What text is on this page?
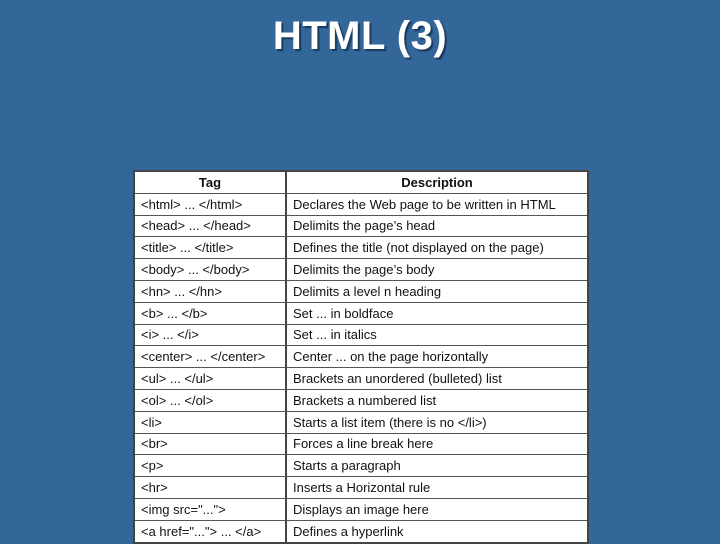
HTML (3)
Tag	Description
<html> ... </html>	Declares the Web page to be written in HTML
<head> ... </head>	Delimits the page’s head
<title> ... </title>	Defines the title (not displayed on the page)
<body> ... </body>	Delimits the page’s body
<hn> ... </hn>	Delimits a level n heading
<b> ... </b>	Set ... in boldface
<i> ... </i>	Set ... in italics
<center> ... </center>	Center ... on the page horizontally
<ul> ... </ul>	Brackets an unordered (bulleted) list
<ol> ... </ol>	Brackets a numbered list
<li>	Starts a list item (there is no </li>)
<br>	Forces a line break here
<p>	Starts a paragraph
<hr>	Inserts a Horizontal rule
<img src="...">	Displays an image here
<a href="..."> ... </a>	Defines a hyperlink
